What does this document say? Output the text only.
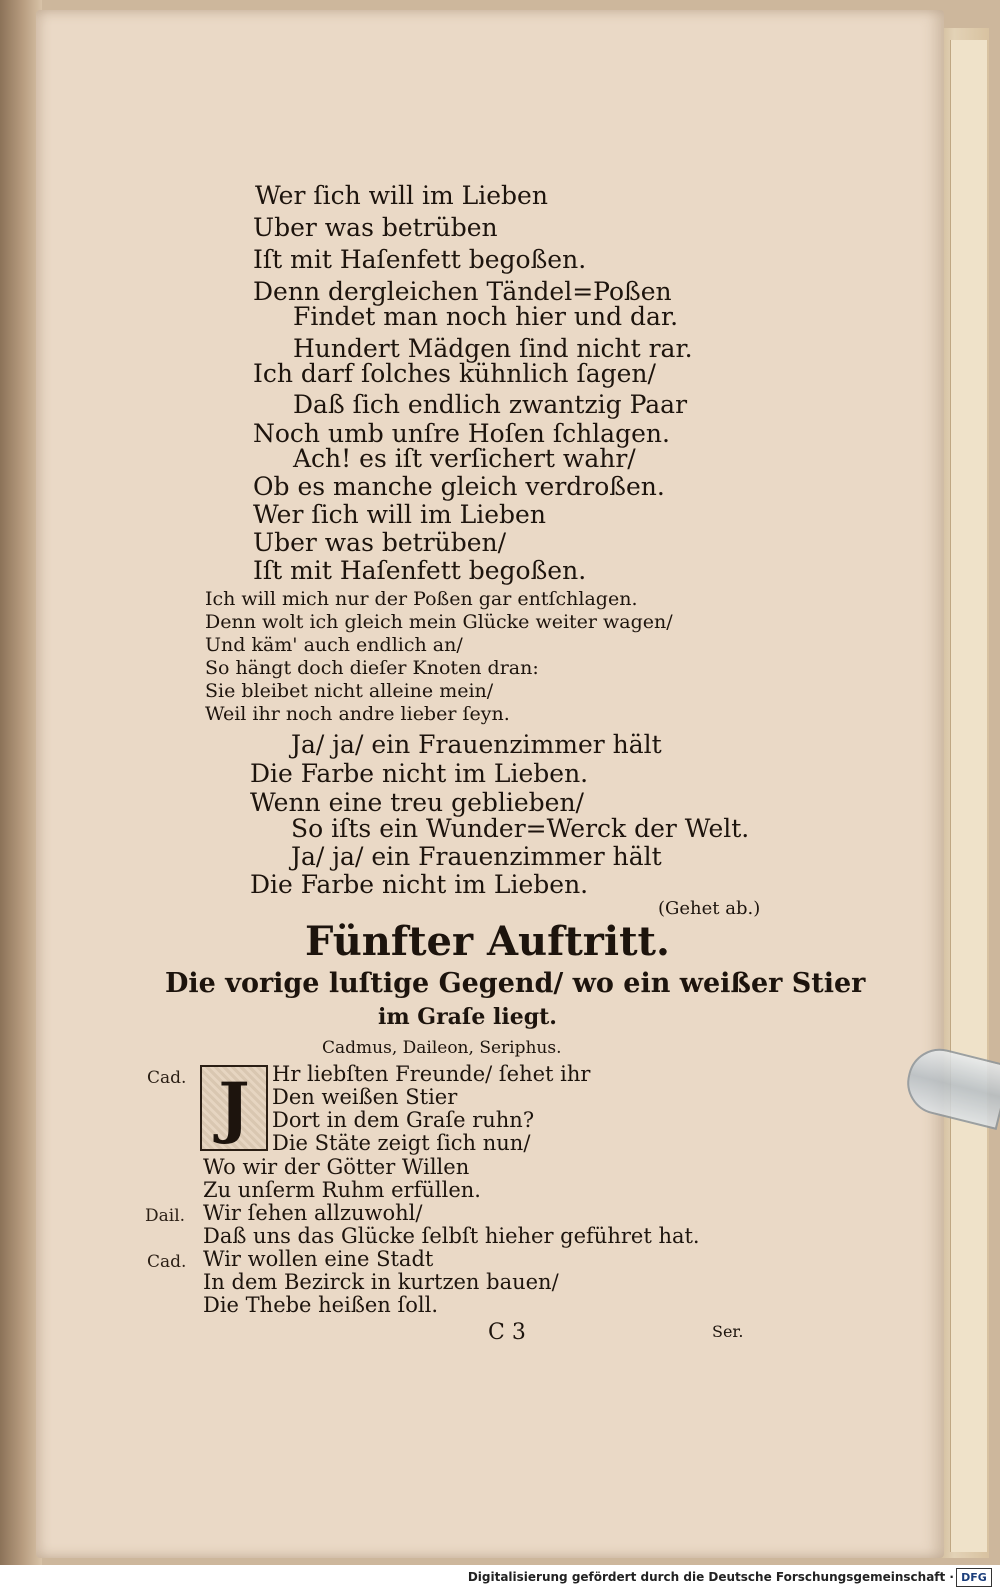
Wer ſich will im Lieben
Uber was betrüben
Iſt mit Haſenfett begoßen.
Denn dergleichen Tändel=Poßen
Findet man noch hier und dar.
Hundert Mädgen ſind nicht rar.
Ich darf ſolches kühnlich ſagen/
Daß ſich endlich zwantzig Paar
Noch umb unſre Hoſen ſchlagen.
Ach! es iſt verſichert wahr/
Ob es manche gleich verdroßen.
Wer ſich will im Lieben
Uber was betrüben/
Iſt mit Haſenfett begoßen.
Ich will mich nur der Poßen gar entſchlagen.
Denn wolt ich gleich mein Glücke weiter wagen/
Und käm' auch endlich an/
So hängt doch dieſer Knoten dran:
Sie bleibet nicht alleine mein/
Weil ihr noch andre lieber ſeyn.
Ja/ ja/ ein Frauenzimmer hält
Die Farbe nicht im Lieben.
Wenn eine treu geblieben/
So iſts ein Wunder=Werck der Welt.
Ja/ ja/ ein Frauenzimmer hält
Die Farbe nicht im Lieben.
(Gehet ab.)
Fünfter Auftritt.
Die vorige luſtige Gegend/ wo ein weißer Stier
im Graſe liegt.
Cadmus, Daileon, Seriphus.
Cad. J	Hr liebſten Freunde/ ſehet ihr
Den weißen Stier
Dort in dem Graſe ruhn?
Die Stäte zeigt ſich nun/
Wo wir der Götter Willen
Zu unſerm Ruhm erfüllen.
Dail. Wir ſehen allzuwohl/
Daß uns das Glücke ſelbſt hieher geführet hat.
Cad. Wir wollen eine Stadt
In dem Bezirck in kurtzen bauen/
Die Thebe heißen ſoll.
C 3	Ser.
Digitalisierung gefördert durch die Deutsche Forschungsgemeinschaft · DFG
